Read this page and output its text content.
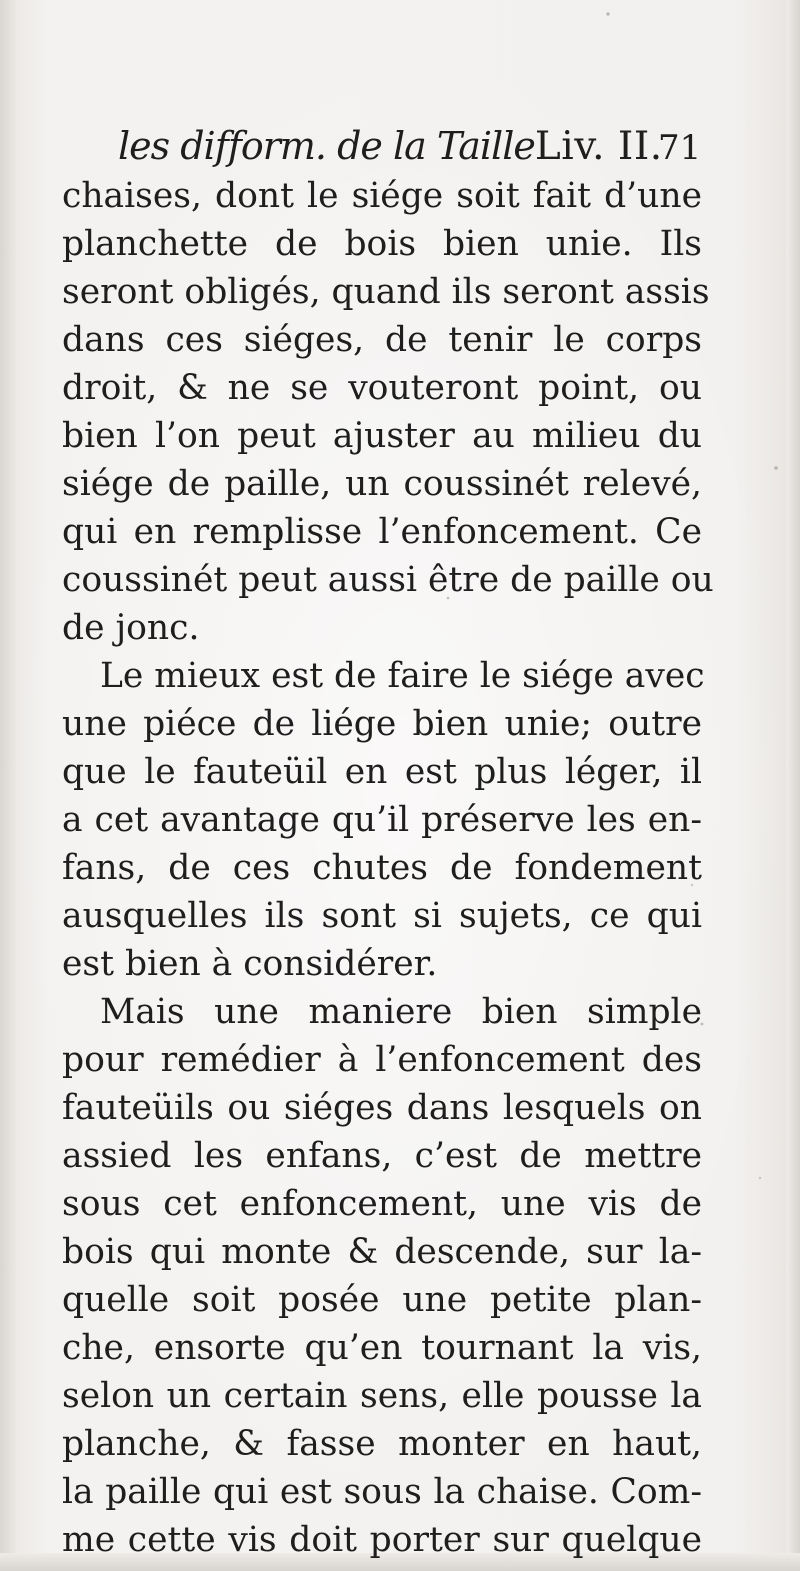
les difform. de la TailleLiv. II.
71
chaises, dont le siége soit fait d’une
planchette de bois bien unie. Ils
seront obligés, quand ils seront assis
dans ces siéges, de tenir le corps
droit, & ne se vouteront point, ou
bien l’on peut ajuster au milieu du
siége de paille, un coussinét relevé,
qui en remplisse l’enfoncement. Ce
coussinét peut aussi être de paille ou
de jonc.
Le mieux est de faire le siége avec
une piéce de liége bien unie; outre
que le fauteüil en est plus léger, il
a cet avantage qu’il préserve les en-
fans, de ces chutes de fondement
ausquelles ils sont si sujets, ce qui
est bien à considérer.
Mais une maniere bien simple
pour remédier à l’enfoncement des
fauteüils ou siéges dans lesquels on
assied les enfans, c’est de mettre
sous cet enfoncement, une vis de
bois qui monte & descende, sur la-
quelle soit posée une petite plan-
che, ensorte qu’en tournant la vis,
selon un certain sens, elle pousse la
planche, & fasse monter en haut,
la paille qui est sous la chaise. Com-
me cette vis doit porter sur quelque
